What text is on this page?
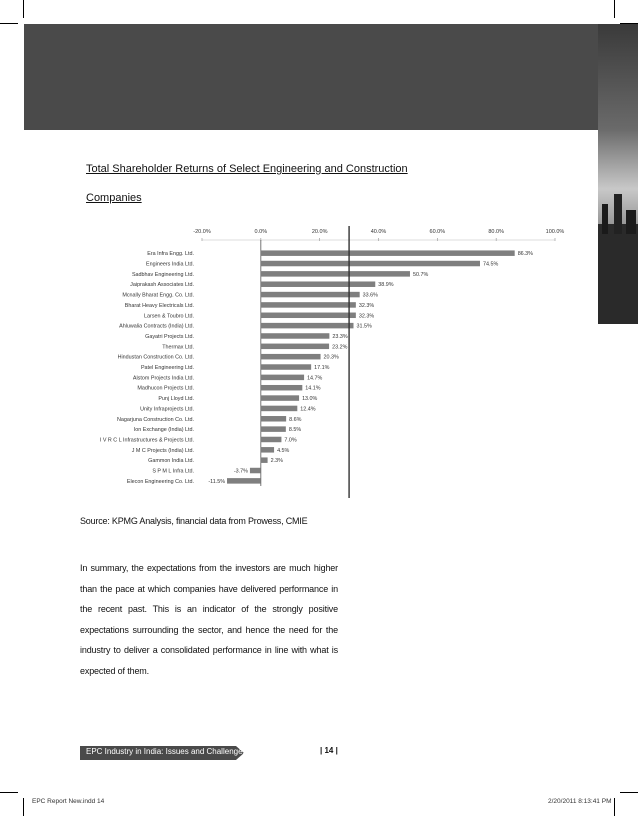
Total Shareholder Returns of Select Engineering and Construction
Companies
-20.0%	0.0%	20.0%	40.0%	60.0%	80.0%	100.0%
Era Infra Engg. Ltd.	86.3%
Engineers India Ltd.	74.5%
Sadbhav Engineering Ltd.	50.7%
Jaiprakash Associates Ltd.	38.9%
Mcnally Bharat Engg. Co. Ltd.	33.6%
Bharat Heavy Electricals Ltd.	32.3%
Larsen & Toubro Ltd.	32.3%
Ahluwalia Contracts (India) Ltd.	31.5%
Gayatri Projects Ltd.	23.3%
Thermax Ltd.	23.2%
Hindustan Construction Co. Ltd.	20.3%
Patel Engineering Ltd.	17.1%
Alstom Projects India Ltd.	14.7%
Madhucon Projects Ltd.	14.1%
Punj Lloyd Ltd.	13.0%
Unity Infraprojects Ltd.	12.4%
Nagarjuna Construction Co. Ltd.	8.6%
Ion Exchange (India) Ltd.	8.5%
I V R C L Infrastructures & Projects Ltd.	7.0%
J M C Projects (India) Ltd.	4.5%
Gammon India Ltd.	2.3%
S P M L Infra Ltd.	-3.7%
Elecon Engineering Co. Ltd.	-11.5%
Source: KPMG Analysis, financial data from Prowess, CMIE
In summary, the expectations from the investors are much higher than the pace at which companies have delivered performance in the recent past. This is an indicator of the strongly positive expectations surrounding the sector, and hence the need for the industry to deliver a consolidated performance in line with what is expected of them.
EPC Industry in India: Issues and Challenges	| 14 |
EPC Report New.indd 14	2/20/2011 8:13:41 PM
